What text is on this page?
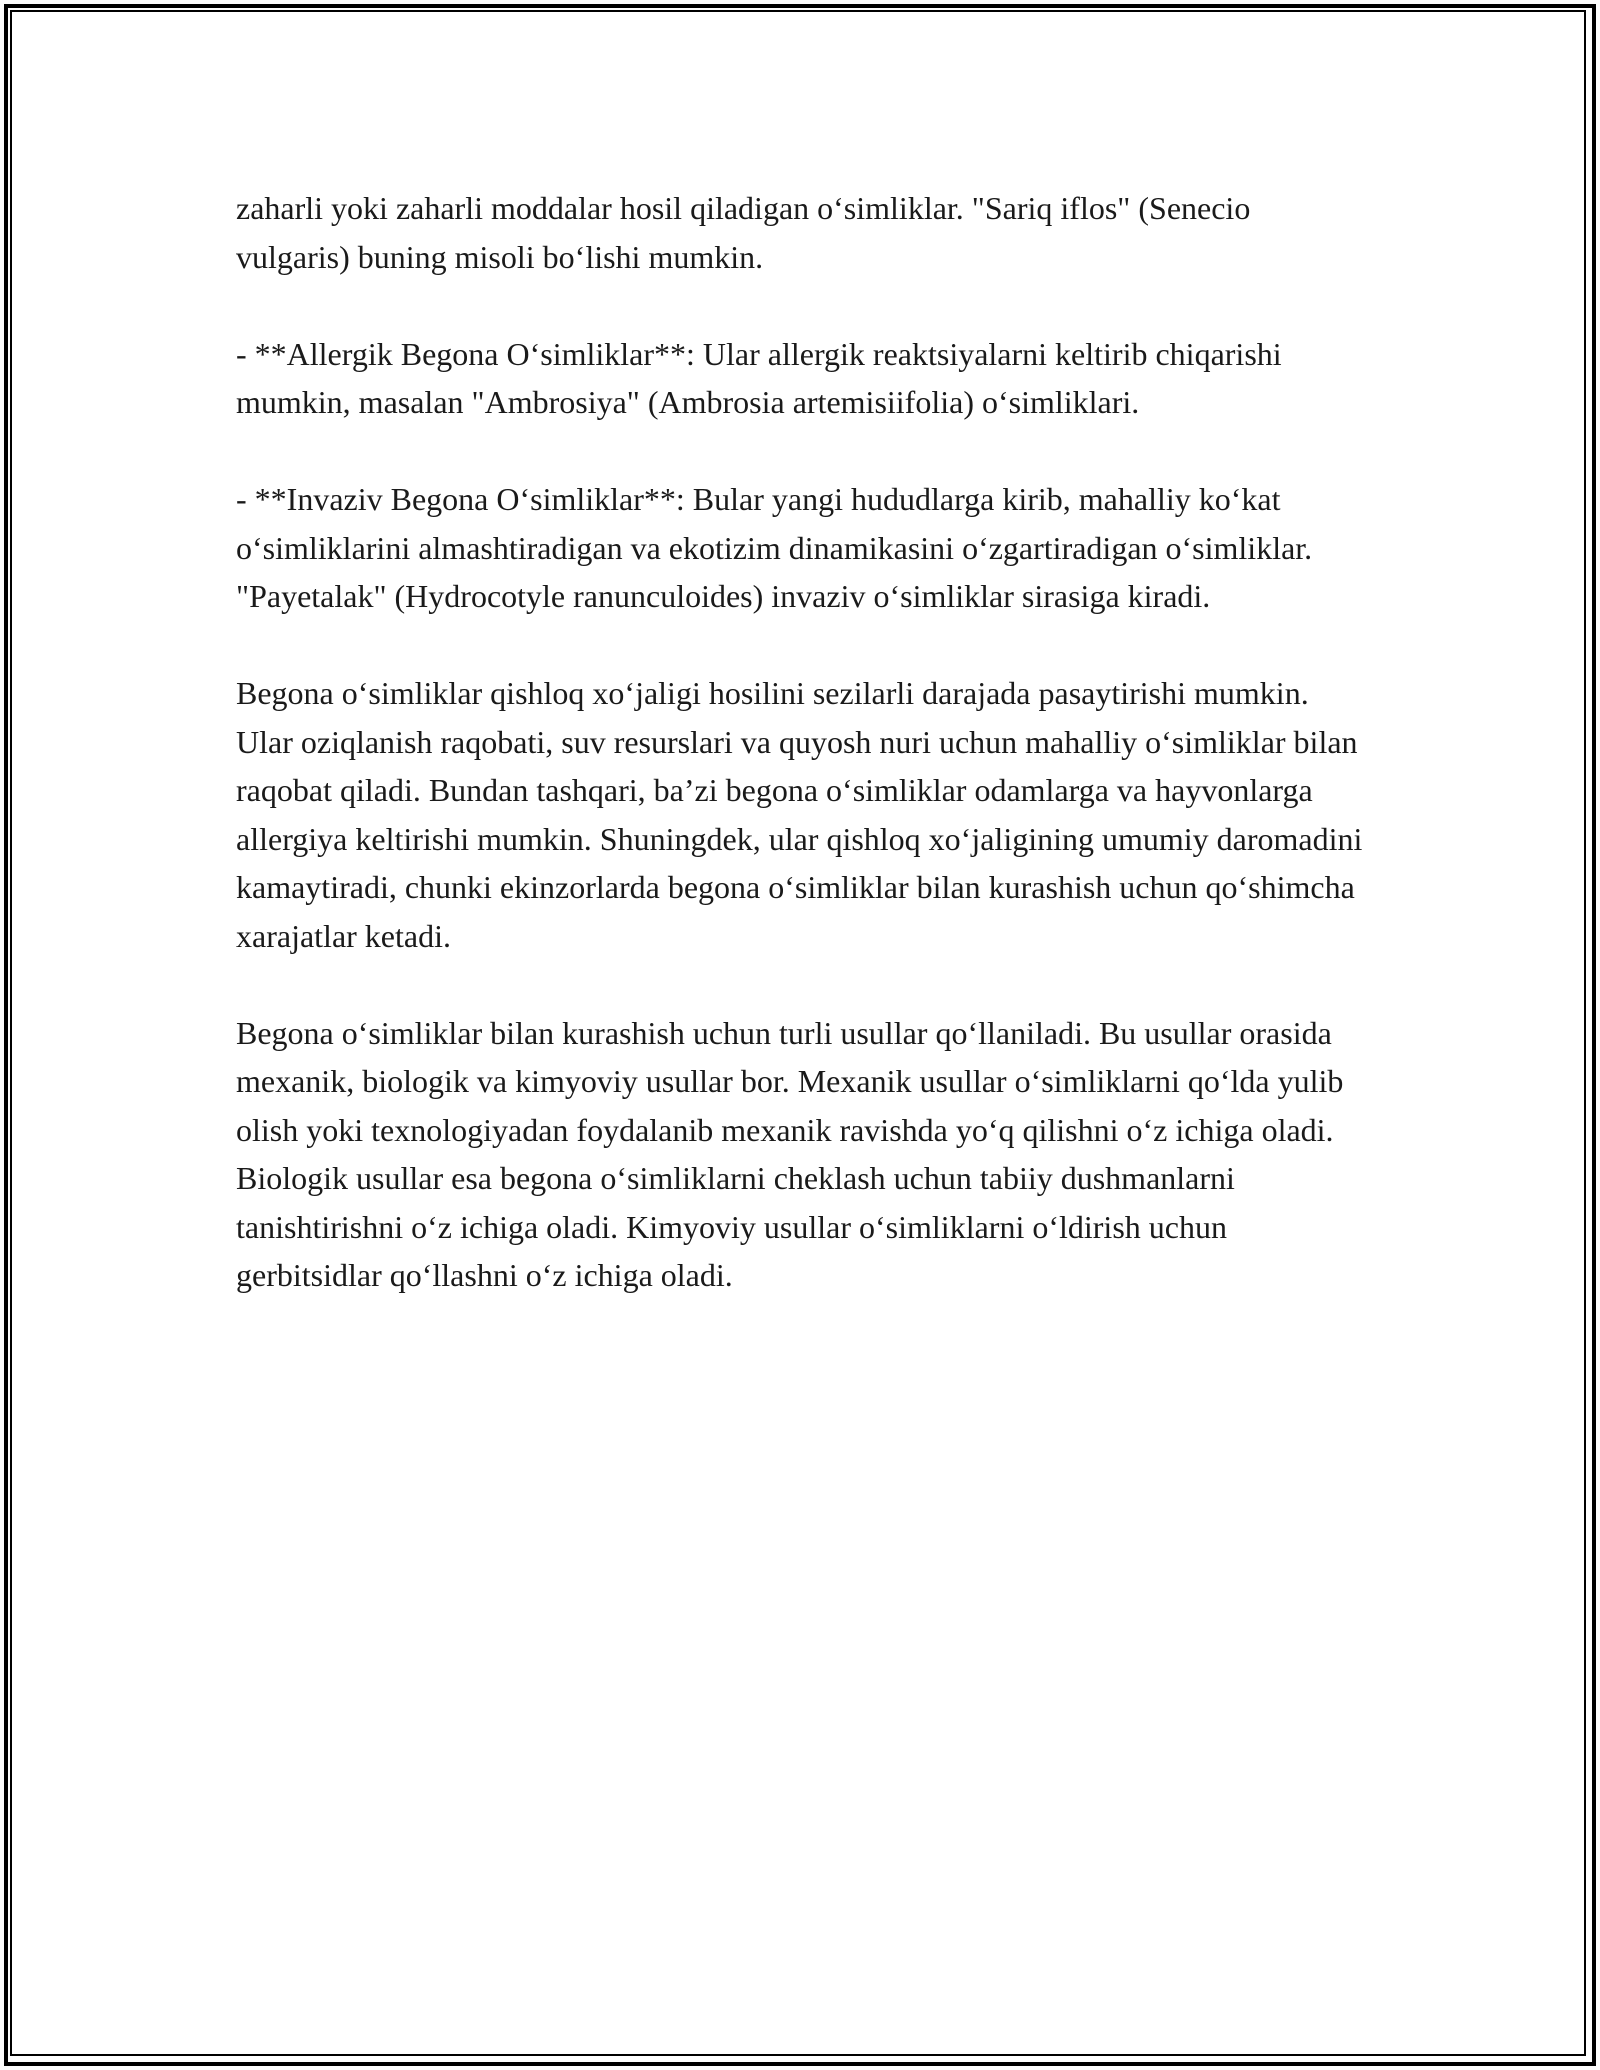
zaharli yoki zaharli moddalar hosil qiladigan o‘simliklar. "Sariq iflos" (Senecio vulgaris) buning misoli bo‘lishi mumkin.

- **Allergik Begona O‘simliklar**: Ular allergik reaktsiyalarni keltirib chiqarishi mumkin, masalan "Ambrosiya" (Ambrosia artemisiifolia) o‘simliklari.

- **Invaziv Begona O‘simliklar**: Bular yangi hududlarga kirib, mahalliy ko‘kat o‘simliklarini almashtiradigan va ekotizim dinamikasini o‘zgartiradigan o‘simliklar. "Payetalak" (Hydrocotyle ranunculoides) invaziv o‘simliklar sirasiga kiradi.

Begona o‘simliklar qishloq xo‘jaligi hosilini sezilarli darajada pasaytirishi mumkin. Ular oziqlanish raqobati, suv resurslari va quyosh nuri uchun mahalliy o‘simliklar bilan raqobat qiladi. Bundan tashqari, ba’zi begona o‘simliklar odamlarga va hayvonlarga allergiya keltirishi mumkin. Shuningdek, ular qishloq xo‘jaligining umumiy daromadini kamaytiradi, chunki ekinzorlarda begona o‘simliklar bilan kurashish uchun qo‘shimcha xarajatlar ketadi.

Begona o‘simliklar bilan kurashish uchun turli usullar qo‘llaniladi. Bu usullar orasida mexanik, biologik va kimyoviy usullar bor. Mexanik usullar o‘simliklarni qo‘lda yulib olish yoki texnologiyadan foydalanib mexanik ravishda yo‘q qilishni o‘z ichiga oladi. Biologik usullar esa begona o‘simliklarni cheklash uchun tabiiy dushmanlarni tanishtirishni o‘z ichiga oladi. Kimyoviy usullar o‘simliklarni o‘ldirish uchun gerbitsidlar qo‘llashni o‘z ichiga oladi.
